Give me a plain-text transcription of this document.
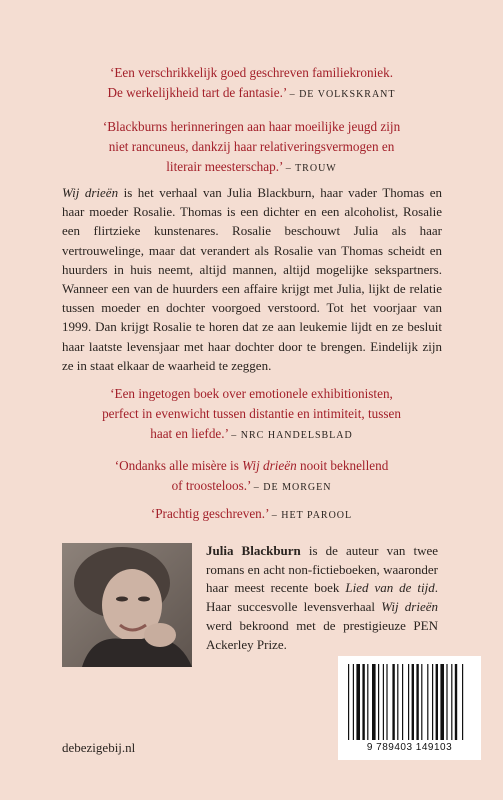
‘Een verschrikkelijk goed geschreven familiekroniek.
De werkelijkheid tart de fantasie.’ – DE VOLKSKRANT
‘Blackburns herinneringen aan haar moeilijke jeugd zijn
niet rancuneus, dankzij haar relativeringsvermogen en
literair meesterschap.’ – TROUW
Wij drieën is het verhaal van Julia Blackburn, haar vader Thomas en haar moeder Rosalie. Thomas is een dichter en een alcoholist, Rosalie een flirtzieke kunstenares. Rosalie beschouwt Julia als haar vertrouwelinge, maar dat verandert als Rosalie van Thomas scheidt en huurders in huis neemt, altijd mannen, altijd mogelijke sekspartners. Wanneer een van de huurders een affaire krijgt met Julia, lijkt de relatie tussen moeder en dochter voorgoed verstoord. Tot het voorjaar van 1999. Dan krijgt Rosalie te horen dat ze aan leukemie lijdt en ze besluit haar laatste levensjaar met haar dochter door te brengen. Eindelijk zijn ze in staat elkaar de waarheid te zeggen.
‘Een ingetogen boek over emotionele exhibitionisten,
perfect in evenwicht tussen distantie en intimiteit, tussen
haat en liefde.’ – NRC HANDELSBLAD
‘Ondanks alle misère is Wij drieën nooit beknellend
of troosteloos.’ – DE MORGEN
‘Prachtig geschreven.’ – HET PAROOL
Julia Blackburn is de auteur van twee romans en acht non-fictieboeken, waaronder haar meest recente boek Lied van de tijd. Haar succesvolle levensverhaal Wij drieën werd bekroond met de prestigieuze PEN Ackerley Prize.
9 789403 149103
debezigebij.nl
